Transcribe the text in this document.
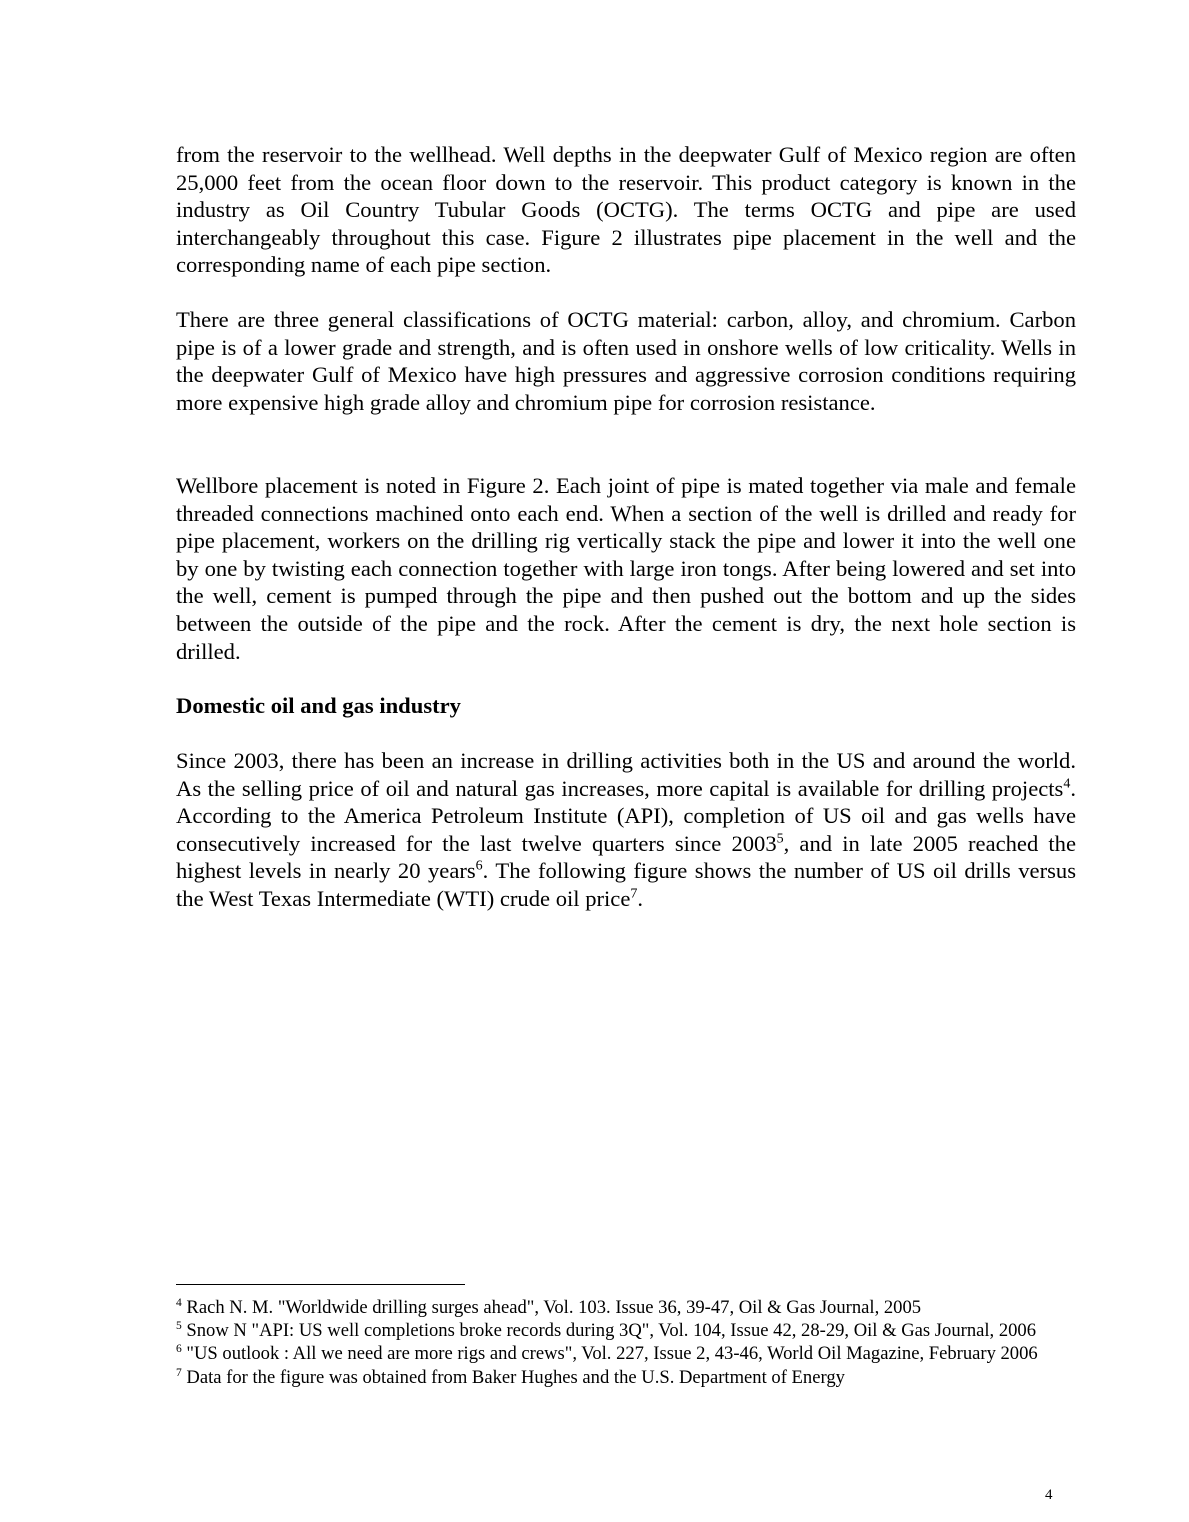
from the reservoir to the wellhead. Well depths in the deepwater Gulf of Mexico region are often 25,000 feet from the ocean floor down to the reservoir. This product category is known in the industry as Oil Country Tubular Goods (OCTG). The terms OCTG and pipe are used interchangeably throughout this case. Figure 2 illustrates pipe placement in the well and the corresponding name of each pipe section.

There are three general classifications of OCTG material: carbon, alloy, and chromium. Carbon pipe is of a lower grade and strength, and is often used in onshore wells of low criticality. Wells in the deepwater Gulf of Mexico have high pressures and aggressive corrosion conditions requiring more expensive high grade alloy and chromium pipe for corrosion resistance.

Wellbore placement is noted in Figure 2. Each joint of pipe is mated together via male and female threaded connections machined onto each end. When a section of the well is drilled and ready for pipe placement, workers on the drilling rig vertically stack the pipe and lower it into the well one by one by twisting each connection together with large iron tongs. After being lowered and set into the well, cement is pumped through the pipe and then pushed out the bottom and up the sides between the outside of the pipe and the rock. After the cement is dry, the next hole section is drilled.

Domestic oil and gas industry

Since 2003, there has been an increase in drilling activities both in the US and around the world. As the selling price of oil and natural gas increases, more capital is available for drilling projects$^4$. According to the America Petroleum Institute (API), completion of US oil and gas wells have consecutively increased for the last twelve quarters since 2003$^5$, and in late 2005 reached the highest levels in nearly 20 years$^6$. The following figure shows the number of US oil drills versus the West Texas Intermediate (WTI) crude oil price$^7$.

$^4$ Rach N. M. "Worldwide drilling surges ahead", Vol. 103. Issue 36, 39-47, Oil & Gas Journal, 2005
$^5$ Snow N "API: US well completions broke records during 3Q", Vol. 104, Issue 42, 28-29, Oil & Gas Journal, 2006
$^6$ "US outlook : All we need are more rigs and crews", Vol. 227, Issue 2, 43-46, World Oil Magazine, February 2006
$^7$ Data for the figure was obtained from Baker Hughes and the U.S. Department of Energy
4
